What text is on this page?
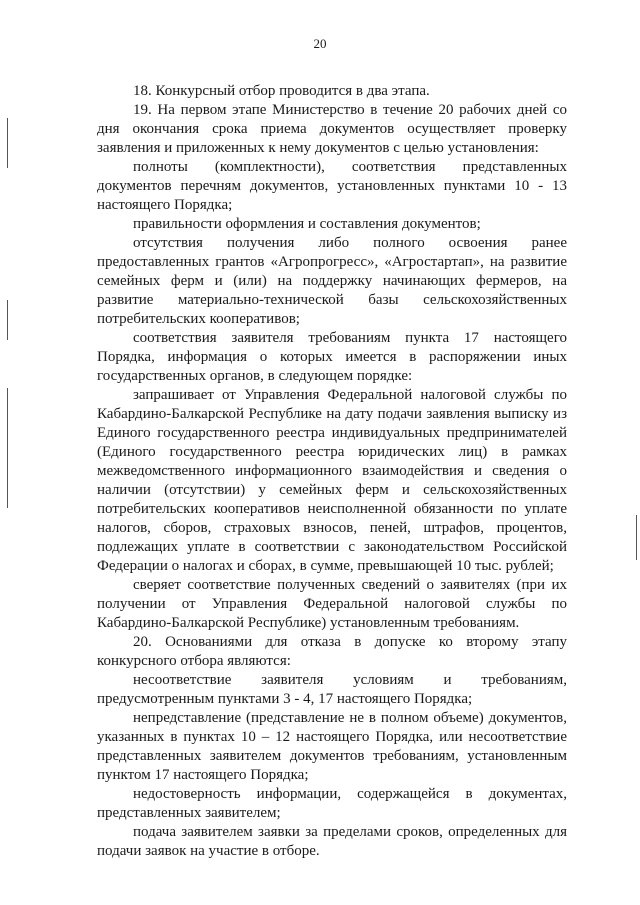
20

18. Конкурсный отбор проводится в два этапа.

19. На первом этапе Министерство в течение 20 рабочих дней со дня окончания срока приема документов осуществляет проверку заявления и приложенных к нему документов с целью установления:

полноты (комплектности), соответствия представленных документов перечням документов, установленных пунктами 10 - 13 настоящего Порядка;

правильности оформления и составления документов;

отсутствия получения либо полного освоения ранее предоставленных грантов «Агропрогресс», «Агростартап», на развитие семейных ферм и (или) на поддержку начинающих фермеров, на развитие материально-технической базы сельскохозяйственных потребительских кооперативов;

соответствия заявителя требованиям пункта 17 настоящего Порядка, информация о которых имеется в распоряжении иных государственных органов, в следующем порядке:

запрашивает от Управления Федеральной налоговой службы по Кабардино-Балкарской Республике на дату подачи заявления выписку из Единого государственного реестра индивидуальных предпринимателей (Единого государственного реестра юридических лиц) в рамках межведомственного информационного взаимодействия и сведения о наличии (отсутствии) у семейных ферм и сельскохозяйственных потребительских кооперативов неисполненной обязанности по уплате налогов, сборов, страховых взносов, пеней, штрафов, процентов, подлежащих уплате в соответствии с законодательством Российской Федерации о налогах и сборах, в сумме, превышающей 10 тыс. рублей;

сверяет соответствие полученных сведений о заявителях (при их получении от Управления Федеральной налоговой службы по Кабардино-Балкарской Республике) установленным требованиям.

20. Основаниями для отказа в допуске ко второму этапу конкурсного отбора являются:

несоответствие заявителя условиям и требованиям, предусмотренным пунктами 3 - 4, 17 настоящего Порядка;

непредставление (представление не в полном объеме) документов, указанных в пунктах 10 – 12 настоящего Порядка, или несоответствие представленных заявителем документов требованиям, установленным пунктом 17 настоящего Порядка;

недостоверность информации, содержащейся в документах, представленных заявителем;

подача заявителем заявки за пределами сроков, определенных для подачи заявок на участие в отборе.
